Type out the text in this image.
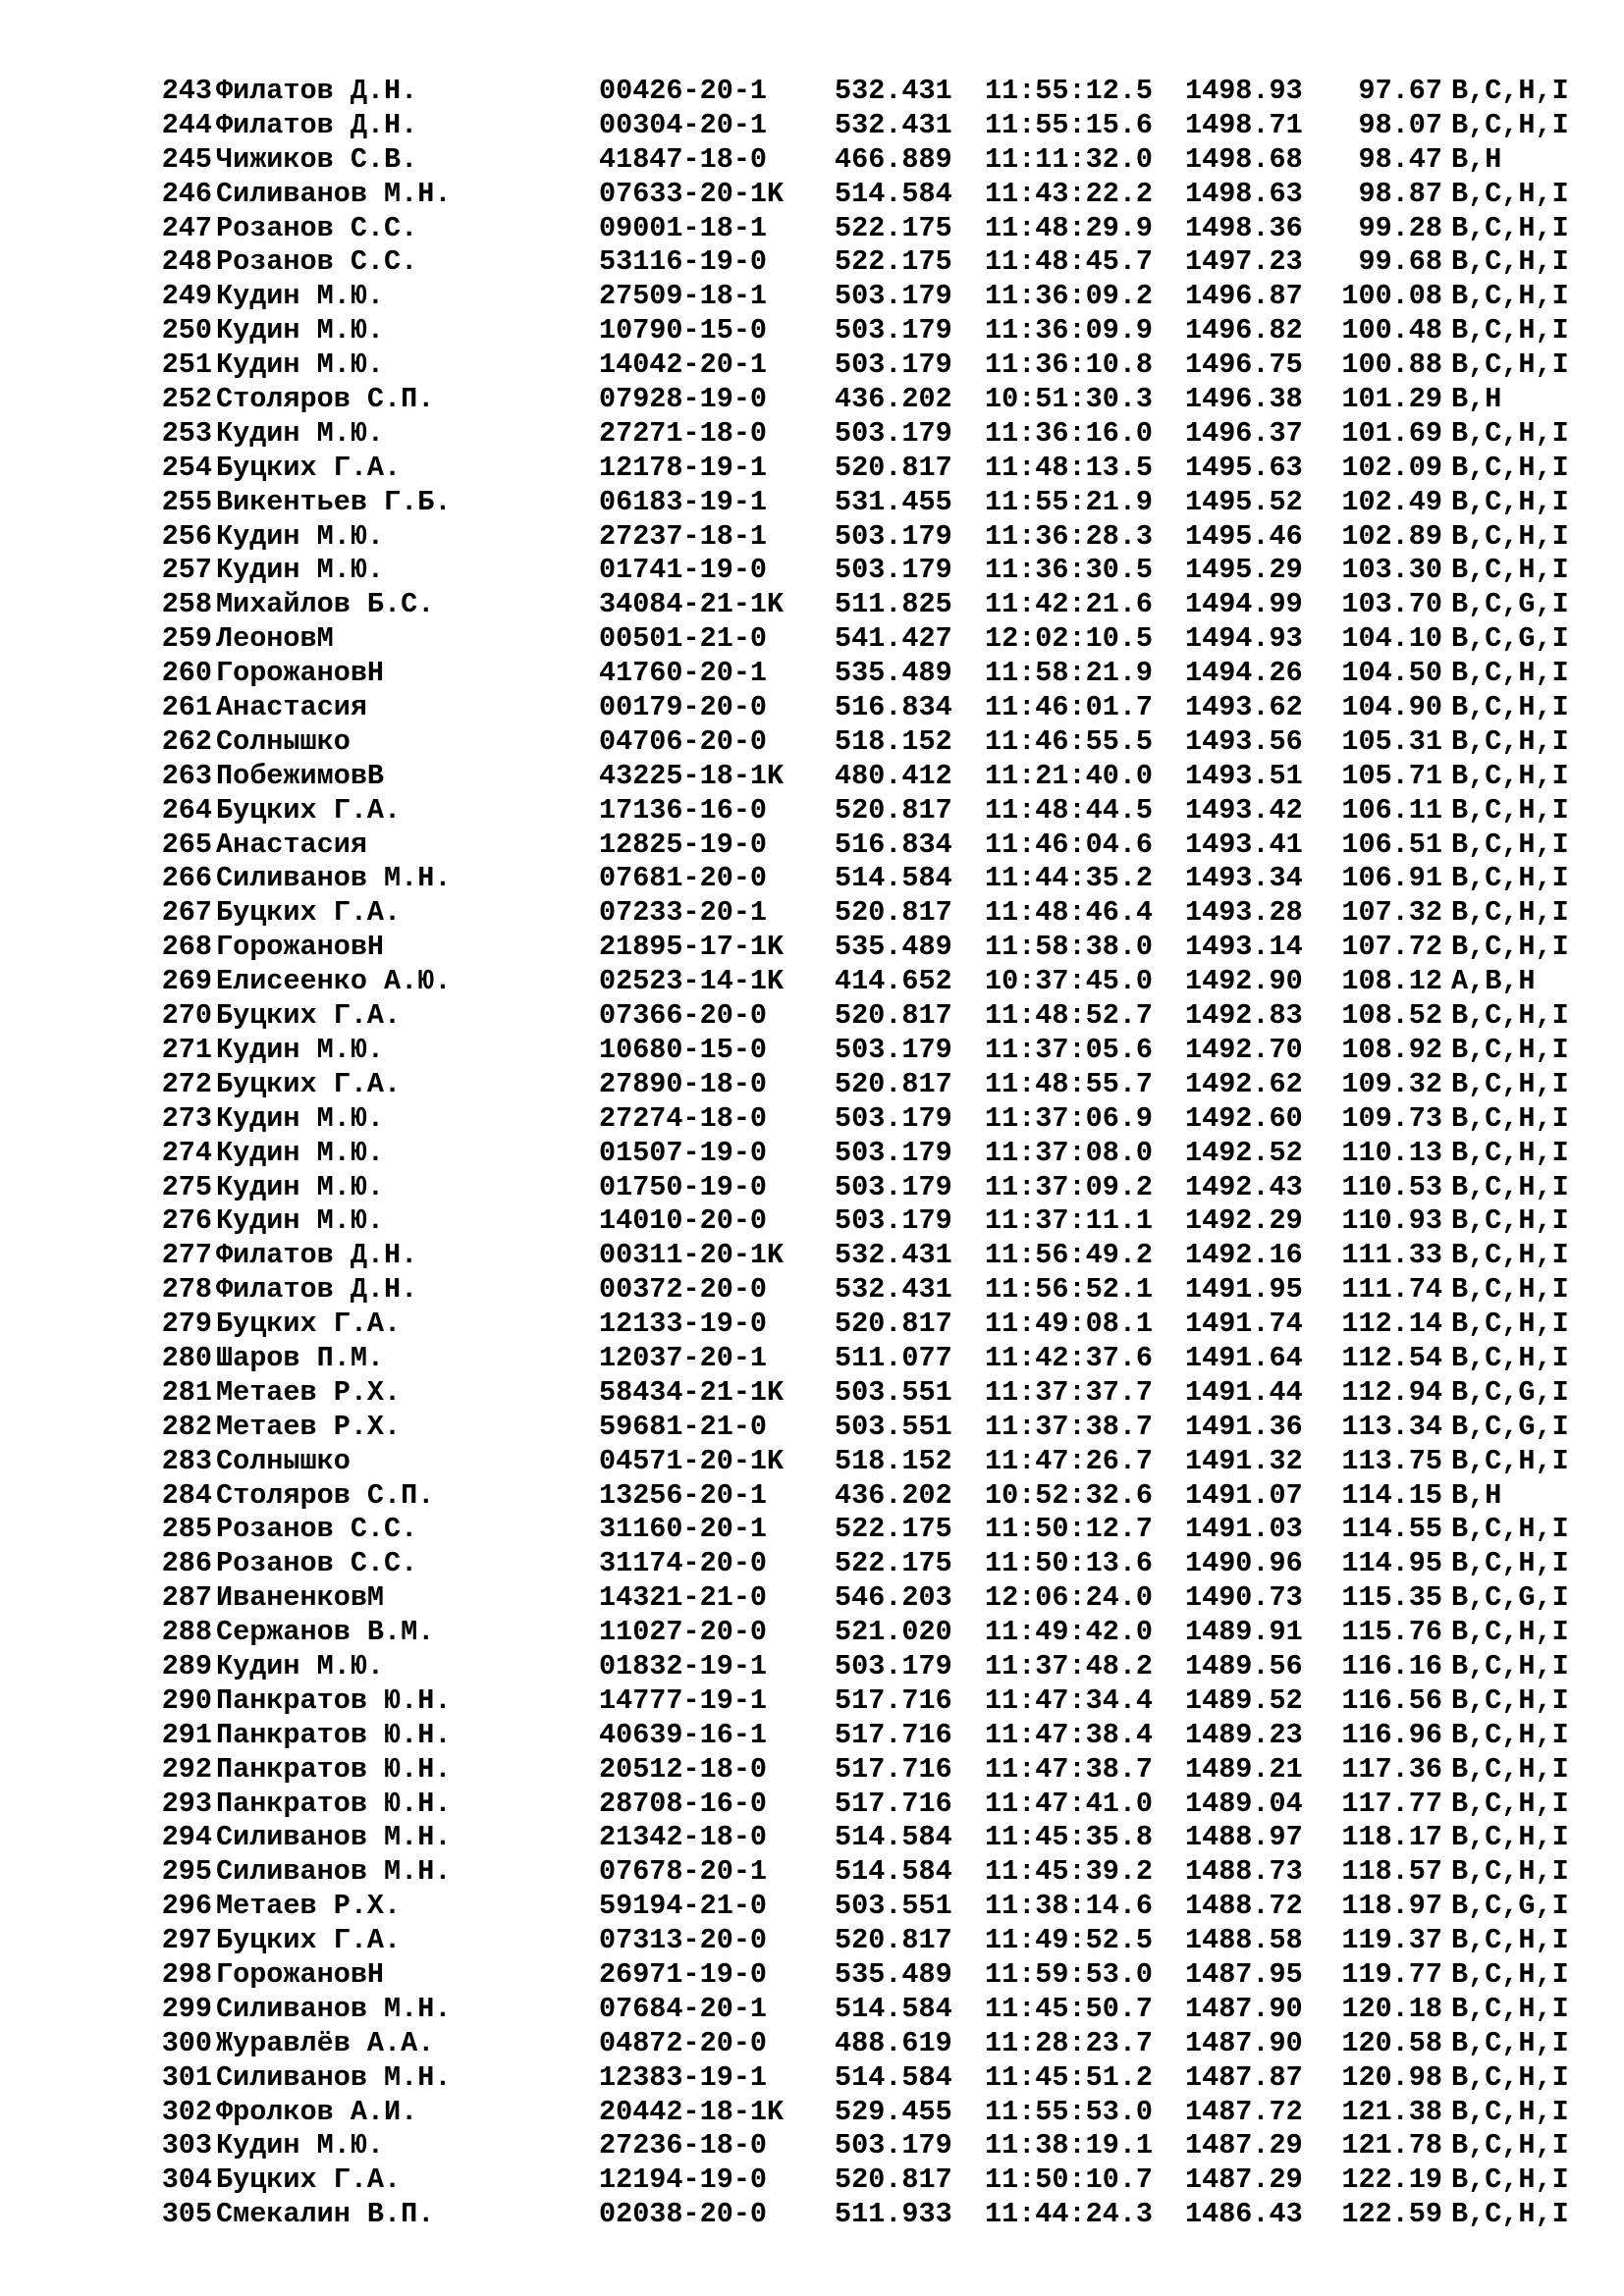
243 Филатов Д.Н.	00426-20-1 532.431 11:55:12.5 1498.93	97.67 B,C,H,I
244 Филатов Д.Н.	00304-20-1 532.431 11:55:15.6 1498.71	98.07 B,C,H,I
245 Чижиков С.В.	41847-18-0 466.889 11:11:32.0 1498.68	98.47 B,H
246 Силиванов М.Н.	07633-20-1K 514.584 11:43:22.2 1498.63	98.87 B,C,H,I
247 Розанов С.С.	09001-18-1 522.175 11:48:29.9 1498.36	99.28 B,C,H,I
248 Розанов С.С.	53116-19-0 522.175 11:48:45.7 1497.23	99.68 B,C,H,I
249 Кудин М.Ю.	27509-18-1 503.179 11:36:09.2 1496.87	100.08 B,C,H,I
250 Кудин М.Ю.	10790-15-0 503.179 11:36:09.9 1496.82	100.48 B,C,H,I
251 Кудин М.Ю.	14042-20-1 503.179 11:36:10.8 1496.75	100.88 B,C,H,I
252 Столяров С.П.	07928-19-0 436.202 10:51:30.3 1496.38	101.29 B,H
253 Кудин М.Ю.	27271-18-0 503.179 11:36:16.0 1496.37	101.69 B,C,H,I
254 Буцких Г.А.	12178-19-1 520.817 11:48:13.5 1495.63	102.09 B,C,H,I
255 Викентьев Г.Б.	06183-19-1 531.455 11:55:21.9 1495.52	102.49 B,C,H,I
256 Кудин М.Ю.	27237-18-1 503.179 11:36:28.3 1495.46	102.89 B,C,H,I
257 Кудин М.Ю.	01741-19-0 503.179 11:36:30.5 1495.29	103.30 B,C,H,I
258 Михайлов Б.С.	34084-21-1K 511.825 11:42:21.6 1494.99	103.70 B,C,G,I
259 ЛеоновМ	00501-21-0 541.427 12:02:10.5 1494.93	104.10 B,C,G,I
260 ГорожановН	41760-20-1 535.489 11:58:21.9 1494.26	104.50 B,C,H,I
261 Анастасия	00179-20-0 516.834 11:46:01.7 1493.62	104.90 B,C,H,I
262 Солнышко	04706-20-0 518.152 11:46:55.5 1493.56	105.31 B,C,H,I
263 ПобежимовВ	43225-18-1K 480.412 11:21:40.0 1493.51	105.71 B,C,H,I
264 Буцких Г.А.	17136-16-0 520.817 11:48:44.5 1493.42	106.11 B,C,H,I
265 Анастасия	12825-19-0 516.834 11:46:04.6 1493.41	106.51 B,C,H,I
266 Силиванов М.Н.	07681-20-0 514.584 11:44:35.2 1493.34	106.91 B,C,H,I
267 Буцких Г.А.	07233-20-1 520.817 11:48:46.4 1493.28	107.32 B,C,H,I
268 ГорожановН	21895-17-1K 535.489 11:58:38.0 1493.14	107.72 B,C,H,I
269 Елисеенко А.Ю.	02523-14-1K 414.652 10:37:45.0 1492.90	108.12 A,B,H
270 Буцких Г.А.	07366-20-0 520.817 11:48:52.7 1492.83	108.52 B,C,H,I
271 Кудин М.Ю.	10680-15-0 503.179 11:37:05.6 1492.70	108.92 B,C,H,I
272 Буцких Г.А.	27890-18-0 520.817 11:48:55.7 1492.62	109.32 B,C,H,I
273 Кудин М.Ю.	27274-18-0 503.179 11:37:06.9 1492.60	109.73 B,C,H,I
274 Кудин М.Ю.	01507-19-0 503.179 11:37:08.0 1492.52	110.13 B,C,H,I
275 Кудин М.Ю.	01750-19-0 503.179 11:37:09.2 1492.43	110.53 B,C,H,I
276 Кудин М.Ю.	14010-20-0 503.179 11:37:11.1 1492.29	110.93 B,C,H,I
277 Филатов Д.Н.	00311-20-1K 532.431 11:56:49.2 1492.16	111.33 B,C,H,I
278 Филатов Д.Н.	00372-20-0 532.431 11:56:52.1 1491.95	111.74 B,C,H,I
279 Буцких Г.А.	12133-19-0 520.817 11:49:08.1 1491.74	112.14 B,C,H,I
280 Шаров П.М.	12037-20-1 511.077 11:42:37.6 1491.64	112.54 B,C,H,I
281 Метаев Р.Х.	58434-21-1K 503.551 11:37:37.7 1491.44	112.94 B,C,G,I
282 Метаев Р.Х.	59681-21-0 503.551 11:37:38.7 1491.36	113.34 B,C,G,I
283 Солнышко	04571-20-1K 518.152 11:47:26.7 1491.32	113.75 B,C,H,I
284 Столяров С.П.	13256-20-1 436.202 10:52:32.6 1491.07	114.15 B,H
285 Розанов С.С.	31160-20-1 522.175 11:50:12.7 1491.03	114.55 B,C,H,I
286 Розанов С.С.	31174-20-0 522.175 11:50:13.6 1490.96	114.95 B,C,H,I
287 ИваненковМ	14321-21-0 546.203 12:06:24.0 1490.73	115.35 B,C,G,I
288 Сержанов В.М.	11027-20-0 521.020 11:49:42.0 1489.91	115.76 B,C,H,I
289 Кудин М.Ю.	01832-19-1 503.179 11:37:48.2 1489.56	116.16 B,C,H,I
290 Панкратов Ю.Н.	14777-19-1 517.716 11:47:34.4 1489.52	116.56 B,C,H,I
291 Панкратов Ю.Н.	40639-16-1 517.716 11:47:38.4 1489.23	116.96 B,C,H,I
292 Панкратов Ю.Н.	20512-18-0 517.716 11:47:38.7 1489.21	117.36 B,C,H,I
293 Панкратов Ю.Н.	28708-16-0 517.716 11:47:41.0 1489.04	117.77 B,C,H,I
294 Силиванов М.Н.	21342-18-0 514.584 11:45:35.8 1488.97	118.17 B,C,H,I
295 Силиванов М.Н.	07678-20-1 514.584 11:45:39.2 1488.73	118.57 B,C,H,I
296 Метаев Р.Х.	59194-21-0 503.551 11:38:14.6 1488.72	118.97 B,C,G,I
297 Буцких Г.А.	07313-20-0 520.817 11:49:52.5 1488.58	119.37 B,C,H,I
298 ГорожановН	26971-19-0 535.489 11:59:53.0 1487.95	119.77 B,C,H,I
299 Силиванов М.Н.	07684-20-1 514.584 11:45:50.7 1487.90	120.18 B,C,H,I
300 Журавлёв А.А.	04872-20-0 488.619 11:28:23.7 1487.90	120.58 B,C,H,I
301 Силиванов М.Н.	12383-19-1 514.584 11:45:51.2 1487.87	120.98 B,C,H,I
302 Фролков А.И.	20442-18-1K 529.455 11:55:53.0 1487.72	121.38 B,C,H,I
303 Кудин М.Ю.	27236-18-0 503.179 11:38:19.1 1487.29	121.78 B,C,H,I
304 Буцких Г.А.	12194-19-0 520.817 11:50:10.7 1487.29	122.19 B,C,H,I
305 Смекалин В.П.	02038-20-0 511.933 11:44:24.3 1486.43	122.59 B,C,H,I
